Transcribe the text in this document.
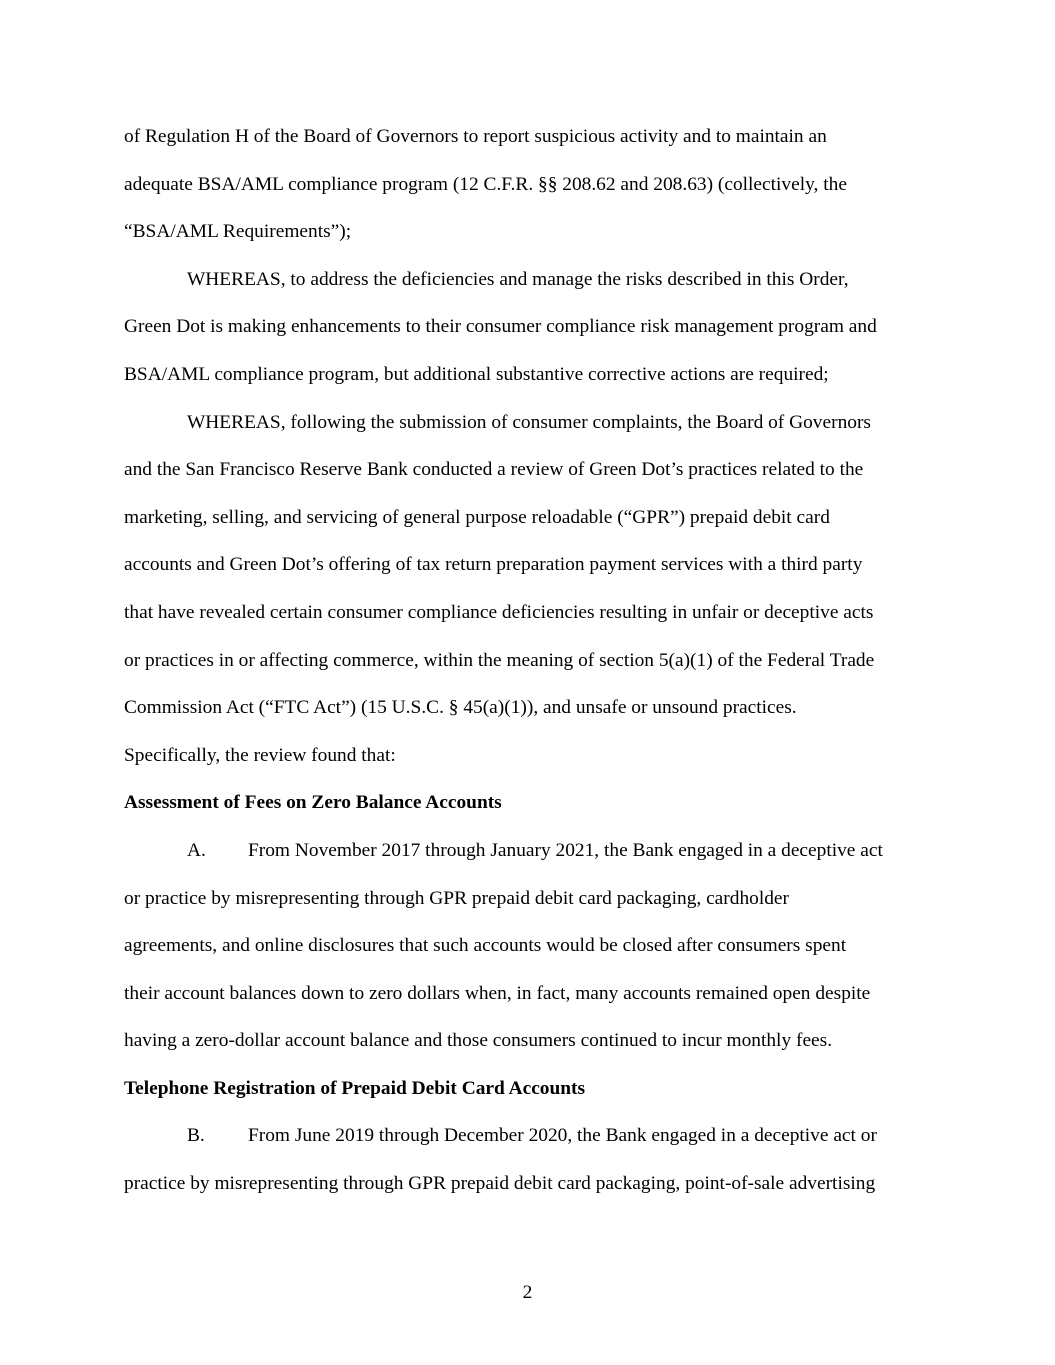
of Regulation H of the Board of Governors to report suspicious activity and to maintain an
adequate BSA/AML compliance program (12 C.F.R. §§ 208.62 and 208.63) (collectively, the
“BSA/AML Requirements”);
WHEREAS, to address the deficiencies and manage the risks described in this Order,
Green Dot is making enhancements to their consumer compliance risk management program and
BSA/AML compliance program, but additional substantive corrective actions are required;
WHEREAS, following the submission of consumer complaints, the Board of Governors
and the San Francisco Reserve Bank conducted a review of Green Dot’s practices related to the
marketing, selling, and servicing of general purpose reloadable (“GPR”) prepaid debit card
accounts and Green Dot’s offering of tax return preparation payment services with a third party
that have revealed certain consumer compliance deficiencies resulting in unfair or deceptive acts
or practices in or affecting commerce, within the meaning of section 5(a)(1) of the Federal Trade
Commission Act (“FTC Act”) (15 U.S.C. § 45(a)(1)), and unsafe or unsound practices.
Specifically, the review found that:
Assessment of Fees on Zero Balance Accounts
A. From November 2017 through January 2021, the Bank engaged in a deceptive act
or practice by misrepresenting through GPR prepaid debit card packaging, cardholder
agreements, and online disclosures that such accounts would be closed after consumers spent
their account balances down to zero dollars when, in fact, many accounts remained open despite
having a zero-dollar account balance and those consumers continued to incur monthly fees.
Telephone Registration of Prepaid Debit Card Accounts
B. From June 2019 through December 2020, the Bank engaged in a deceptive act or
practice by misrepresenting through GPR prepaid debit card packaging, point-of-sale advertising
2
